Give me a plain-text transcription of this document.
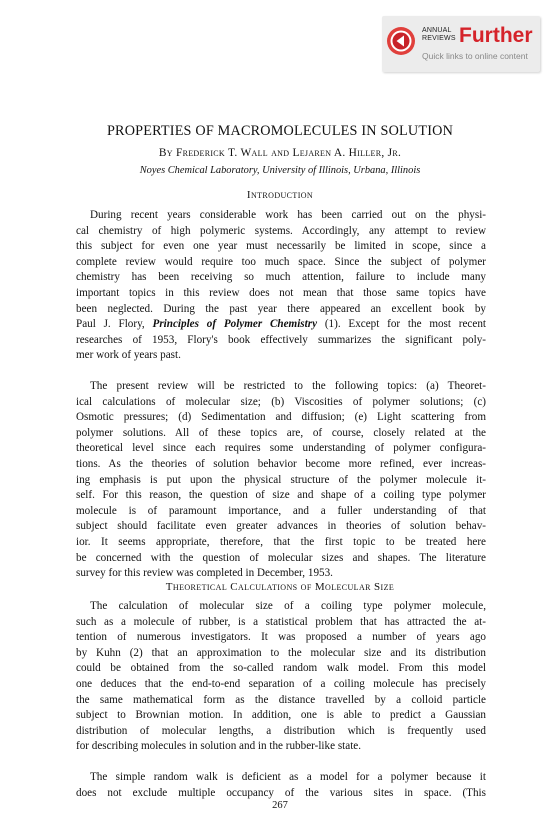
ANNUAL
REVIEWS Further
Quick links to online content
PROPERTIES OF MACROMOLECULES IN SOLUTION
By Frederick T. Wall and Lejaren A. Hiller, Jr.
Noyes Chemical Laboratory, University of Illinois, Urbana, Illinois
Introduction

During recent years considerable work has been carried out on the physi-
cal chemistry of high polymeric systems. Accordingly, any attempt to review
this subject for even one year must necessarily be limited in scope, since a
complete review would require too much space. Since the subject of polymer
chemistry has been receiving so much attention, failure to include many
important topics in this review does not mean that those same topics have
been neglected. During the past year there appeared an excellent book by
Paul J. Flory, Principles of Polymer Chemistry (1). Except for the most recent
researches of 1953, Flory's book effectively summarizes the significant poly-
mer work of years past.

The present review will be restricted to the following topics: (a) Theoret-
ical calculations of molecular size; (b) Viscosities of polymer solutions; (c)
Osmotic pressures; (d) Sedimentation and diffusion; (e) Light scattering from
polymer solutions. All of these topics are, of course, closely related at the
theoretical level since each requires some understanding of polymer configura-
tions. As the theories of solution behavior become more refined, ever increas-
ing emphasis is put upon the physical structure of the polymer molecule it-
self. For this reason, the question of size and shape of a coiling type polymer
molecule is of paramount importance, and a fuller understanding of that
subject should facilitate even greater advances in theories of solution behav-
ior. It seems appropriate, therefore, that the first topic to be treated here
be concerned with the question of molecular sizes and shapes. The literature
survey for this review was completed in December, 1953.

Theoretical Calculations of Molecular Size

The calculation of molecular size of a coiling type polymer molecule,
such as a molecule of rubber, is a statistical problem that has attracted the at-
tention of numerous investigators. It was proposed a number of years ago
by Kuhn (2) that an approximation to the molecular size and its distribution
could be obtained from the so-called random walk model. From this model
one deduces that the end-to-end separation of a coiling molecule has precisely
the same mathematical form as the distance travelled by a colloid particle
subject to Brownian motion. In addition, one is able to predict a Gaussian
distribution of molecular lengths, a distribution which is frequently used
for describing molecules in solution and in the rubber-like state.

The simple random walk is deficient as a model for a polymer because it
does not exclude multiple occupancy of the various sites in space. (This

267
